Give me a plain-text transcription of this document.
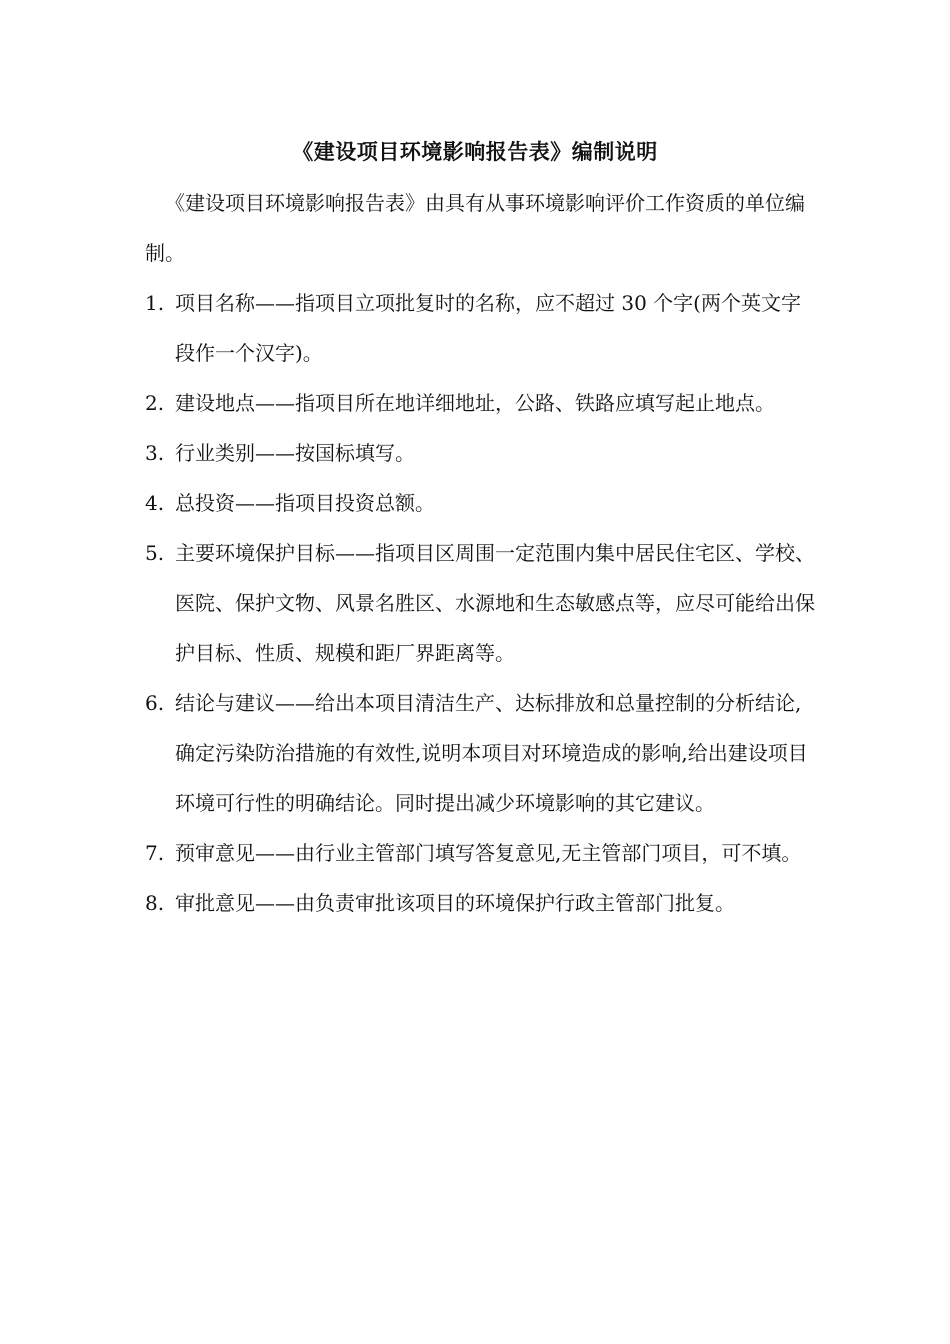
《建设项目环境影响报告表》编制说明

《建设项目环境影响报告表》由具有从事环境影响评价工作资质的单位编制。

1. 项目名称——指项目立项批复时的名称，应不超过 30 个字(两个英文字段作一个汉字)。
2. 建设地点——指项目所在地详细地址，公路、铁路应填写起止地点。
3. 行业类别——按国标填写。
4. 总投资——指项目投资总额。
5. 主要环境保护目标——指项目区周围一定范围内集中居民住宅区、学校、医院、保护文物、风景名胜区、水源地和生态敏感点等，应尽可能给出保护目标、性质、规模和距厂界距离等。
6. 结论与建议——给出本项目清洁生产、达标排放和总量控制的分析结论,确定污染防治措施的有效性,说明本项目对环境造成的影响,给出建设项目环境可行性的明确结论。同时提出减少环境影响的其它建议。
7. 预审意见——由行业主管部门填写答复意见,无主管部门项目，可不填。
8. 审批意见——由负责审批该项目的环境保护行政主管部门批复。
